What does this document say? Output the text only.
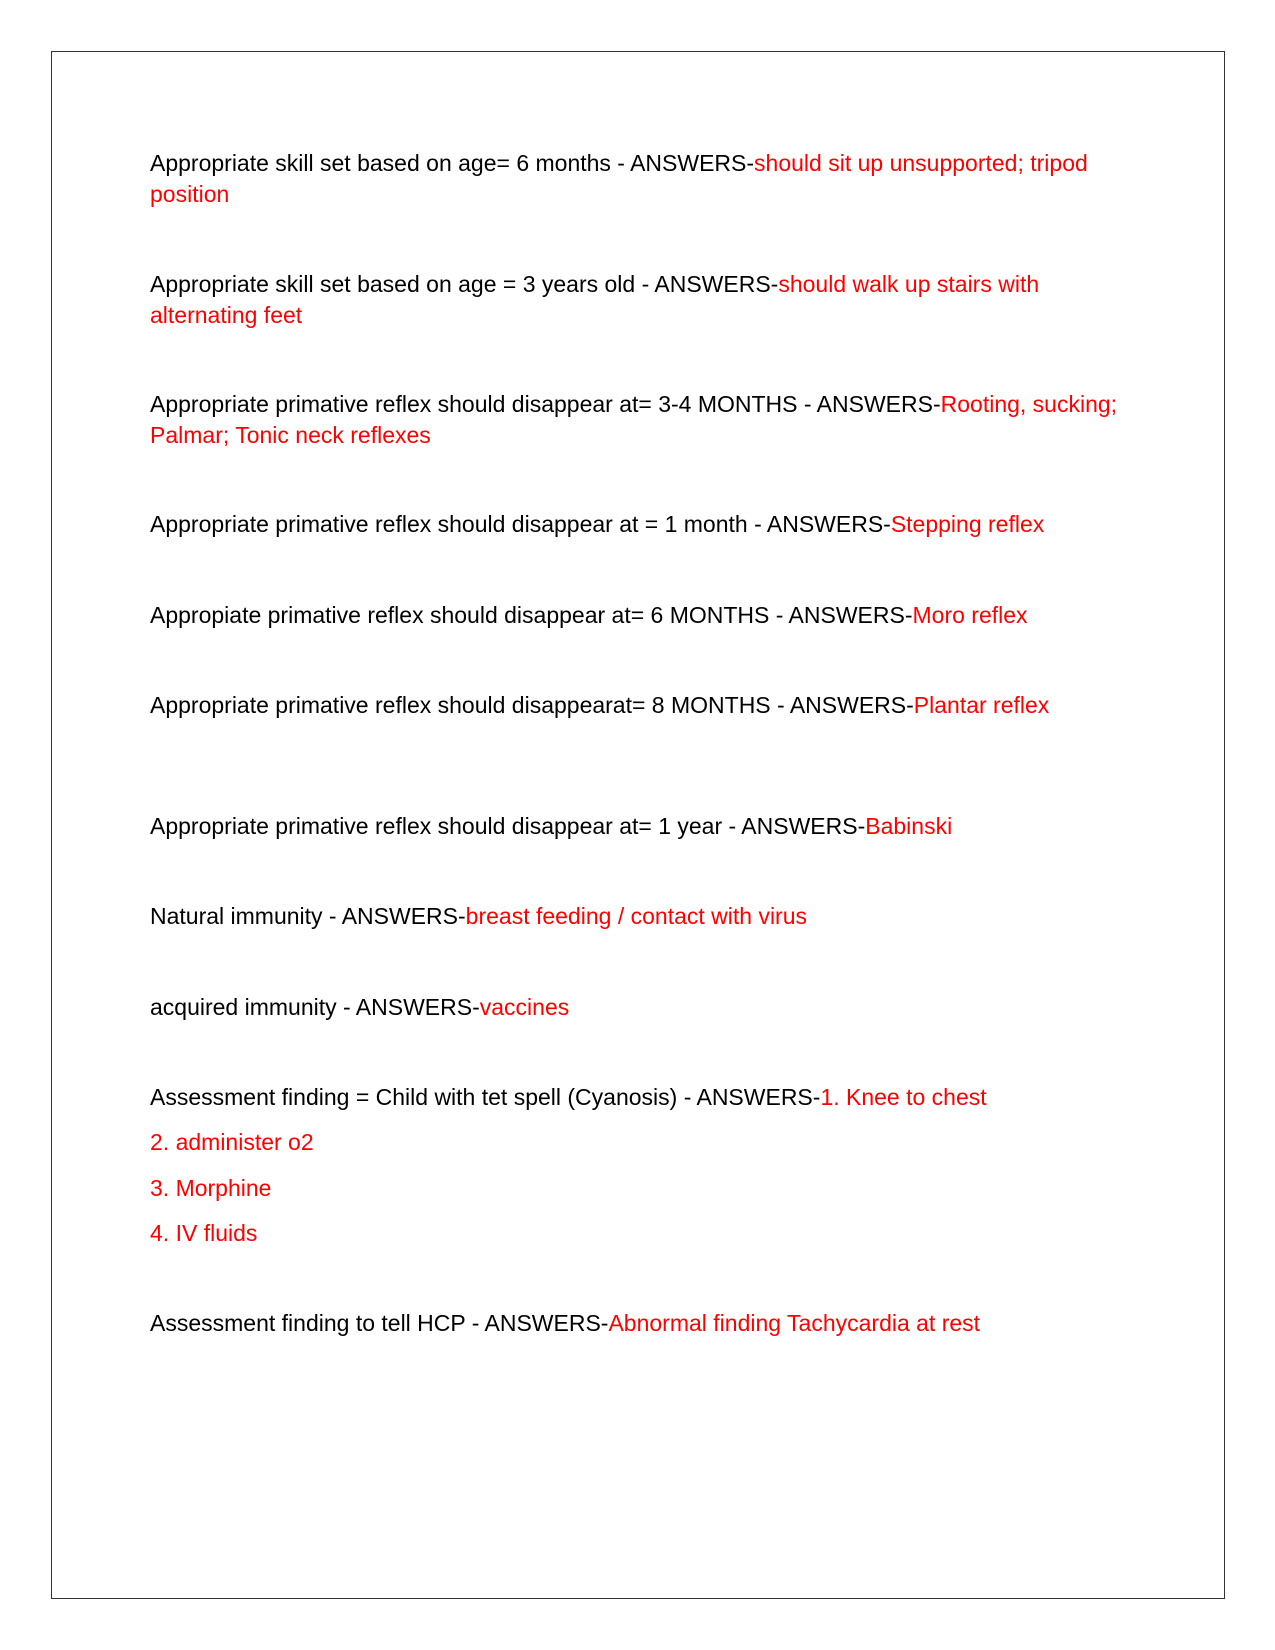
Appropriate skill set based on age= 6 months - ANSWERS-should sit up unsupported; tripod position

Appropriate skill set based on age = 3 years old - ANSWERS-should walk up stairs with alternating feet

Appropriate primative reflex should disappear at= 3-4 MONTHS - ANSWERS-Rooting, sucking; Palmar; Tonic neck reflexes

Appropriate primative reflex should disappear at = 1 month - ANSWERS-Stepping reflex

Appropiate primative reflex should disappear at= 6 MONTHS - ANSWERS-Moro reflex

Appropriate primative reflex should disappearat= 8 MONTHS - ANSWERS-Plantar reflex

Appropriate primative reflex should disappear at= 1 year - ANSWERS-Babinski

Natural immunity - ANSWERS-breast feeding / contact with virus

acquired immunity - ANSWERS-vaccines

Assessment finding = Child with tet spell (Cyanosis) - ANSWERS-1. Knee to chest

2. administer o2

3. Morphine

4. IV fluids

Assessment finding to tell HCP - ANSWERS-Abnormal finding Tachycardia at rest
